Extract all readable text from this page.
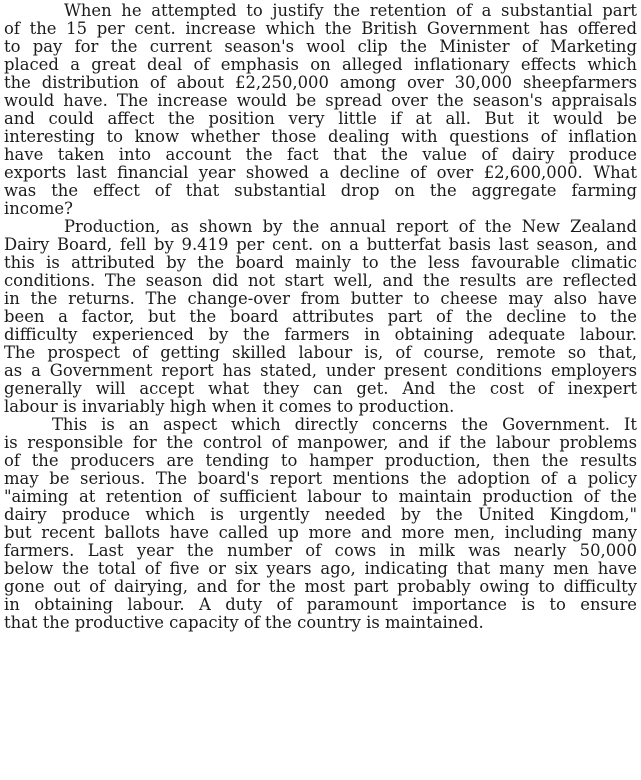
When he attempted to justify the retention of a substantial part
of the 15 per cent. increase which the British Government has offered
to pay for the current season's wool clip the Minister of Marketing
placed a great deal of emphasis on alleged inflationary effects which
the distribution of about £2,250,000 among over 30,000 sheepfarmers
would have. The increase would be spread over the season's appraisals
and could affect the position very little if at all. But it would be
interesting to know whether those dealing with questions of inflation
have taken into account the fact that the value of dairy produce
exports last financial year showed a decline of over £2,600,000. What
was the effect of that substantial drop on the aggregate farming
income?
Production, as shown by the annual report of the New Zealand
Dairy Board, fell by 9.419 per cent. on a butterfat basis last season, and
this is attributed by the board mainly to the less favourable climatic
conditions. The season did not start well, and the results are reflected
in the returns. The change-over from butter to cheese may also have
been a factor, but the board attributes part of the decline to the
difficulty experienced by the farmers in obtaining adequate labour.
The prospect of getting skilled labour is, of course, remote so that,
as a Government report has stated, under present conditions employers
generally will accept what they can get. And the cost of inexpert
labour is invariably high when it comes to production.
This is an aspect which directly concerns the Government. It
is responsible for the control of manpower, and if the labour problems
of the producers are tending to hamper production, then the results
may be serious. The board's report mentions the adoption of a policy
"aiming at retention of sufficient labour to maintain production of the
dairy produce which is urgently needed by the United Kingdom,"
but recent ballots have called up more and more men, including many
farmers. Last year the number of cows in milk was nearly 50,000
below the total of five or six years ago, indicating that many men have
gone out of dairying, and for the most part probably owing to difficulty
in obtaining labour. A duty of paramount importance is to ensure
that the productive capacity of the country is maintained.
